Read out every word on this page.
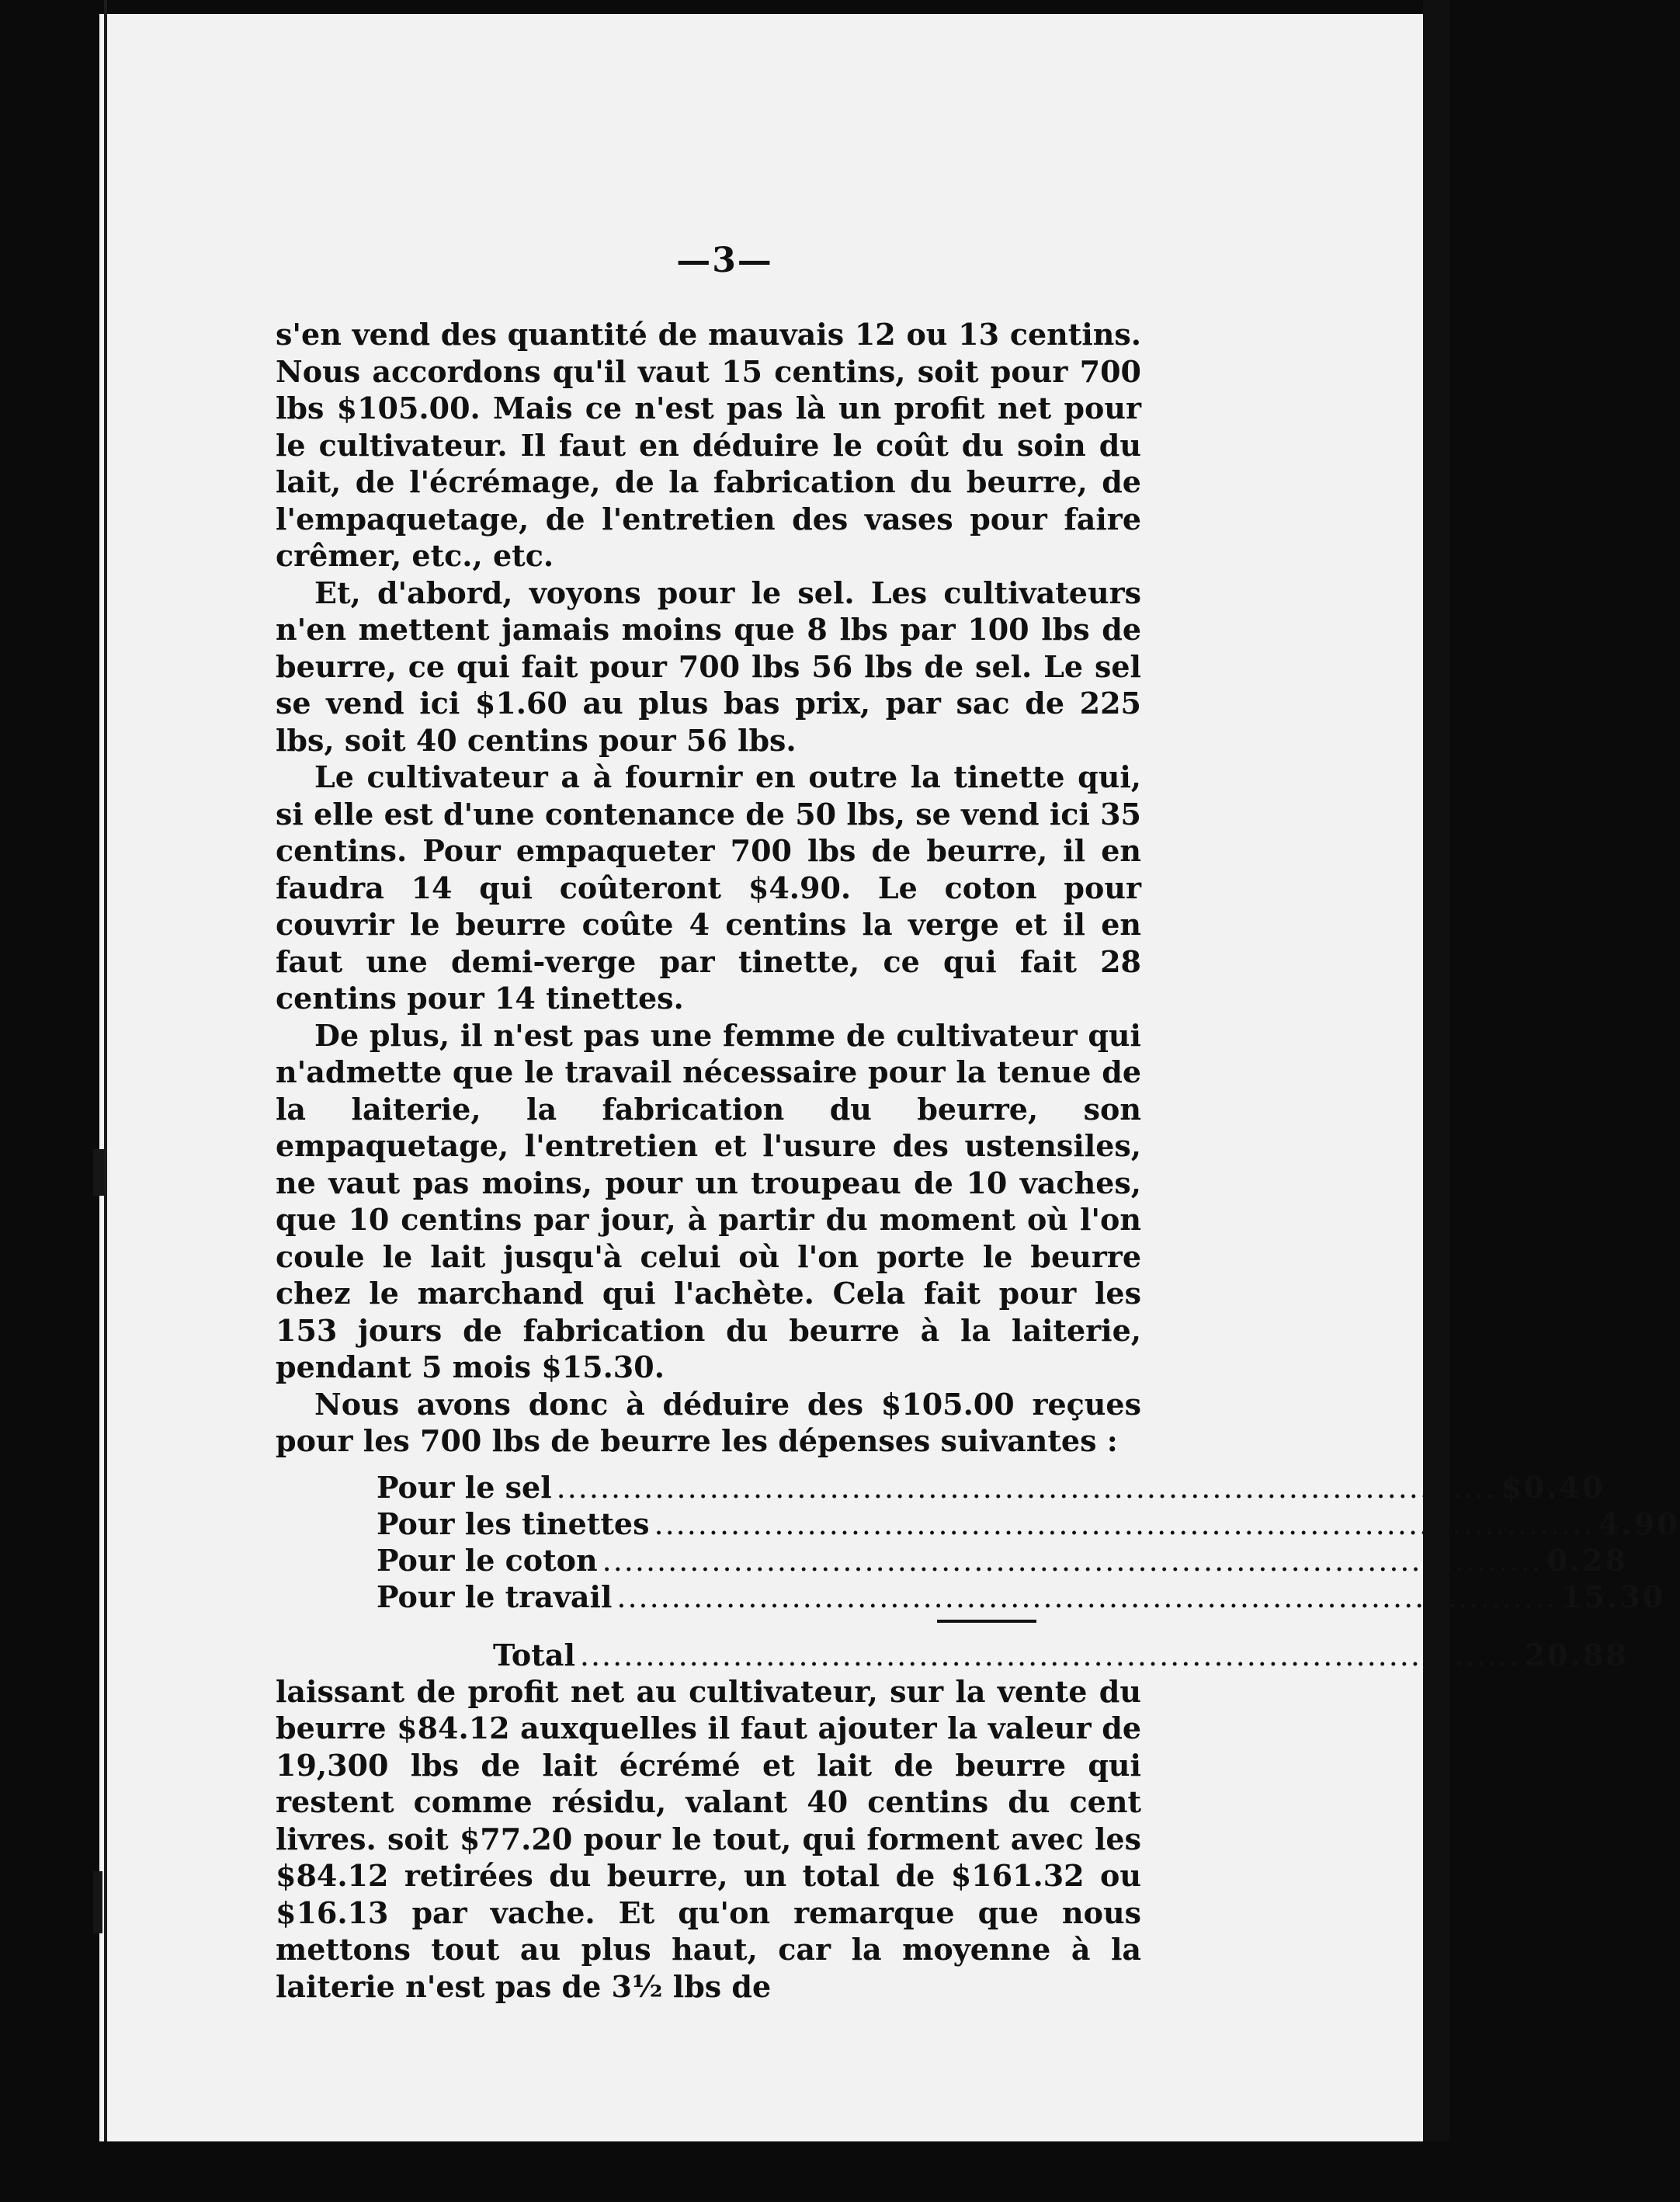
—3—

s'en vend des quantité de mauvais 12 ou 13 centins. Nous accordons qu'il vaut 15 centins, soit pour 700 lbs $105.00. Mais ce n'est pas là un profit net pour le cultivateur. Il faut en déduire le coût du soin du lait, de l'écrémage, de la fabrication du beurre, de l'empaquetage, de l'entretien des vases pour faire crêmer, etc., etc.

Et, d'abord, voyons pour le sel. Les cultivateurs n'en mettent jamais moins que 8 lbs par 100 lbs de beurre, ce qui fait pour 700 lbs 56 lbs de sel. Le sel se vend ici $1.60 au plus bas prix, par sac de 225 lbs, soit 40 centins pour 56 lbs.

Le cultivateur a à fournir en outre la tinette qui, si elle est d'une contenance de 50 lbs, se vend ici 35 centins. Pour empaqueter 700 lbs de beurre, il en faudra 14 qui coûteront $4.90. Le coton pour couvrir le beurre coûte 4 centins la verge et il en faut une demi-verge par tinette, ce qui fait 28 centins pour 14 tinettes.

De plus, il n'est pas une femme de cultivateur qui n'admette que le travail nécessaire pour la tenue de la laiterie, la fabrication du beurre, son empaquetage, l'entretien et l'usure des ustensiles, ne vaut pas moins, pour un troupeau de 10 vaches, que 10 centins par jour, à partir du moment où l'on coule le lait jusqu'à celui où l'on porte le beurre chez le marchand qui l'achète. Cela fait pour les 153 jours de fabrication du beurre à la laiterie, pendant 5 mois $15.30.

Nous avons donc à déduire des $105.00 reçues pour les 700 lbs de beurre les dépenses suivantes :

Pour le sel ...................................................................................... $0.40
Pour les tinettes ...................................................................................... 4.90
Pour le coton ...................................................................................... 0.28
Pour le travail ...................................................................................... 15.30
Total ...................................................................................... 20.88

laissant de profit net au cultivateur, sur la vente du beurre $84.12 auxquelles il faut ajouter la valeur de 19,300 lbs de lait écrémé et lait de beurre qui restent comme résidu, valant 40 centins du cent livres. soit $77.20 pour le tout, qui forment avec les $84.12 retirées du beurre, un total de $161.32 ou $16.13 par vache. Et qu'on remarque que nous mettons tout au plus haut, car la moyenne à la laiterie n'est pas de 3½ lbs de
